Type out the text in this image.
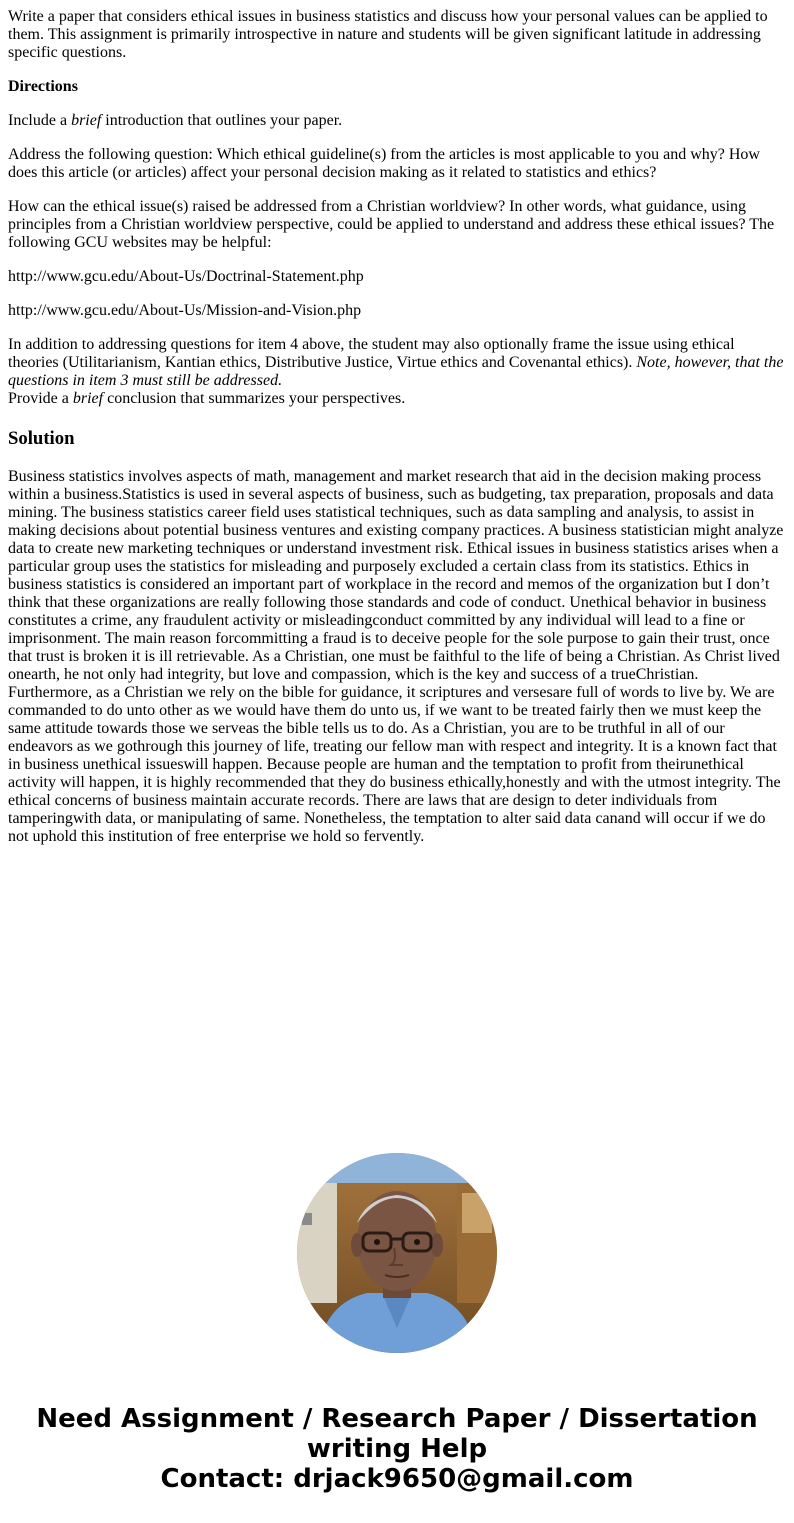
Write a paper that considers ethical issues in business statistics and discuss how your personal values can be applied to them. This assignment is primarily introspective in nature and students will be given significant latitude in addressing specific questions.

Directions

Include a brief introduction that outlines your paper.

Address the following question: Which ethical guideline(s) from the articles is most applicable to you and why? How does this article (or articles) affect your personal decision making as it related to statistics and ethics?

How can the ethical issue(s) raised be addressed from a Christian worldview? In other words, what guidance, using principles from a Christian worldview perspective, could be applied to understand and address these ethical issues? The following GCU websites may be helpful:

http://www.gcu.edu/About-Us/Doctrinal-Statement.php

http://www.gcu.edu/About-Us/Mission-and-Vision.php

In addition to addressing questions for item 4 above, the student may also optionally frame the issue using ethical theories (Utilitarianism, Kantian ethics, Distributive Justice, Virtue ethics and Covenantal ethics). Note, however, that the questions in item 3 must still be addressed.

Provide a brief conclusion that summarizes your perspectives.

Solution

Business statistics involves aspects of math, management and market research that aid in the decision making process within a business.Statistics is used in several aspects of business, such as budgeting, tax preparation, proposals and data mining. The business statistics career field uses statistical techniques, such as data sampling and analysis, to assist in making decisions about potential business ventures and existing company practices. A business statistician might analyze data to create new marketing techniques or understand investment risk. Ethical issues in business statistics arises when a particular group uses the statistics for misleading and purposely excluded a certain class from its statistics. Ethics in business statistics is considered an important part of workplace in the record and memos of the organization but I don’t think that these organizations are really following those standards and code of conduct. Unethical behavior in business constitutes a crime, any fraudulent activity or misleadingconduct committed by any individual will lead to a fine or imprisonment. The main reason forcommitting a fraud is to deceive people for the sole purpose to gain their trust, once that trust is broken it is ill retrievable. As a Christian, one must be faithful to the life of being a Christian. As Christ lived onearth, he not only had integrity, but love and compassion, which is the key and success of a trueChristian. Furthermore, as a Christian we rely on the bible for guidance, it scriptures and versesare full of words to live by. We are commanded to do unto other as we would have them do unto us, if we want to be treated fairly then we must keep the same attitude towards those we serveas the bible tells us to do. As a Christian, you are to be truthful in all of our endeavors as we gothrough this journey of life, treating our fellow man with respect and integrity. It is a known fact that in business unethical issueswill happen. Because people are human and the temptation to profit from theirunethical activity will happen, it is highly recommended that they do business ethically,honestly and with the utmost integrity. The ethical concerns of business maintain accurate records. There are laws that are design to deter individuals from tamperingwith data, or manipulating of same. Nonetheless, the temptation to alter said data canand will occur if we do not uphold this institution of free enterprise we hold so fervently.

Need Assignment / Research Paper / Dissertation
writing Help
Contact: drjack9650@gmail.com
